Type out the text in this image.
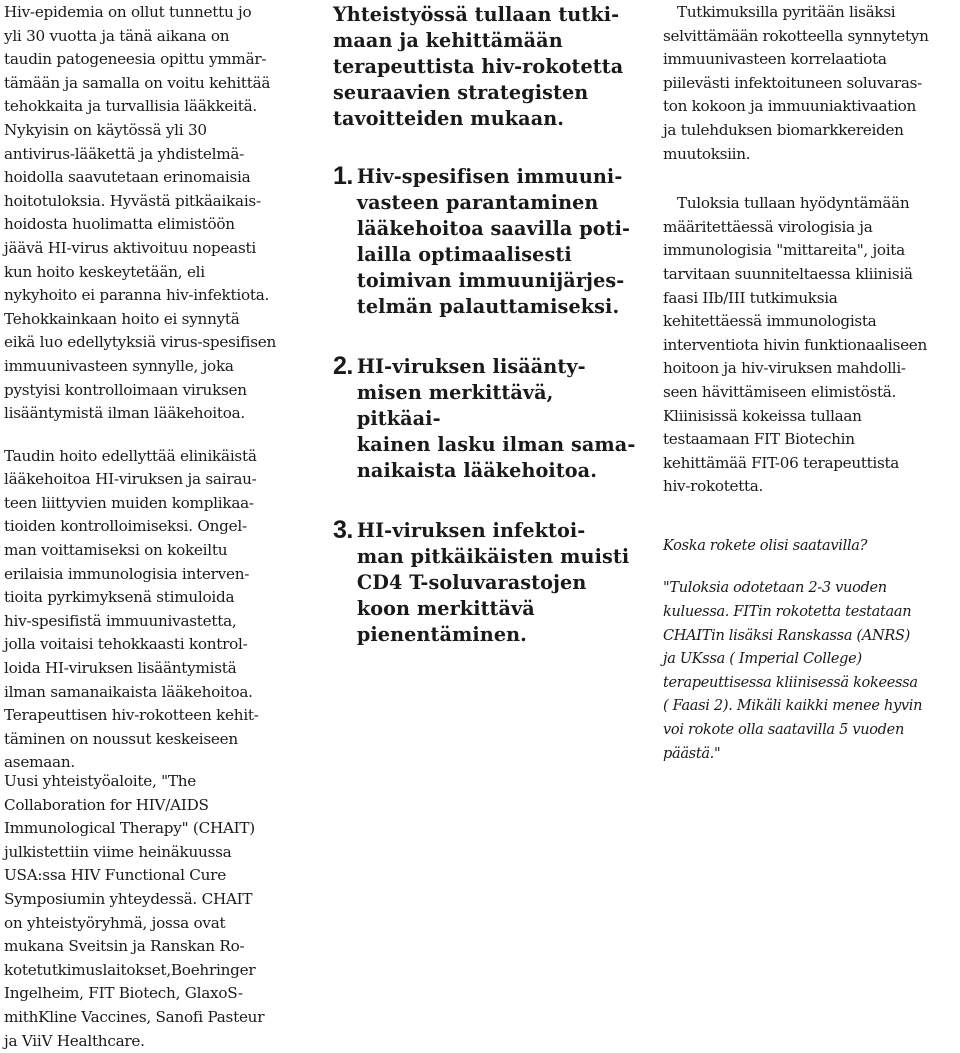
Hiv-epidemia on ollut tunnettu jo
yli 30 vuotta ja tänä aikana on
taudin patogeneesia opittu ymmär-
tämään ja samalla on voitu kehittää
tehokkaita ja turvallisia lääkkeitä.
Nykyisin on käytössä yli 30
antivirus-lääkettä ja yhdistelmä-
hoidolla saavutetaan erinomaisia
hoitotuloksia. Hyvästä pitkäaikais-
hoidosta huolimatta elimistöön
jäävä HI-virus aktivoituu nopeasti
kun hoito keskeytetään, eli
nykyhoito ei paranna hiv-infektiota.
Tehokkainkaan hoito ei synnytä
eikä luo edellytyksiä virus-spesifisen
immuunivasteen synnylle, joka
pystyisi kontrolloimaan viruksen
lisääntymistä ilman lääkehoitoa.

Taudin hoito edellyttää elinikäistä
lääkehoitoa HI-viruksen ja sairau-
teen liittyvien muiden komplikaa-
tioiden kontrolloimiseksi. Ongel-
man voittamiseksi on kokeiltu
erilaisia immunologisia interven-
tioita pyrkimyksenä stimuloida
hiv-spesifistä immuunivastetta,
jolla voitaisi tehokkaasti kontrol-
loida HI-viruksen lisääntymistä
ilman samanaikaista lääkehoitoa.
Terapeuttisen hiv-rokotteen kehit-
täminen on noussut keskeiseen
asemaan.

Uusi yhteistyöaloite, "The
Collaboration for HIV/AIDS
Immunological Therapy" (CHAIT)
julkistettiin viime heinäkuussa
USA:ssa HIV Functional Cure
Symposiumin yhteydessä. CHAIT
on yhteistyöryhmä, jossa ovat
mukana Sveitsin ja Ranskan Ro-
kotetutkimuslaitokset,Boehringer
Ingelheim, FIT Biotech, GlaxoS-
mithKline Vaccines, Sanofi Pasteur
ja ViiV Healthcare.

Yhteistyössä tullaan tutki-
maan ja kehittämään
terapeuttista hiv-rokotetta
seuraavien strategisten
tavoitteiden mukaan.

1. Hiv-spesifisen immuuni-
vasteen parantaminen
lääkehoitoa saavilla poti-
lailla optimaalisesti
toimivan immuunijärjes-
telmän palauttamiseksi.

2. HI-viruksen lisäänty-
misen merkittävä, pitkäai-
kainen lasku ilman sama-
naikaista lääkehoitoa.

3. HI-viruksen infektoi-
man pitkäikäisten muisti
CD4 T-soluvarastojen
koon merkittävä
pienentäminen.

Tutkimuksilla pyritään lisäksi
selvittämään rokotteella synnytetyn
immuunivasteen korrelaatiota
piilevästi infektoituneen soluvaras-
ton kokoon ja immuuniaktivaation
ja tulehduksen biomarkkereiden
muutoksiin.

Tuloksia tullaan hyödyntämään
määritettäessä virologisia ja
immunologisia "mittareita", joita
tarvitaan suunniteltaessa kliinisiä
faasi IIb/III tutkimuksia
kehitettäessä immunologista
interventiota hivin funktionaaliseen
hoitoon ja hiv-viruksen mahdolli-
seen hävittämiseen elimistöstä.
Kliinisissä kokeissa tullaan
testaamaan FIT Biotechin
kehittämää FIT-06 terapeuttista
hiv-rokotetta.

Koska rokete olisi saatavilla?

"Tuloksia odotetaan 2-3 vuoden
kuluessa. FITin rokotetta testataan
CHAITin lisäksi Ranskassa (ANRS)
ja UKssa ( Imperial College)
terapeuttisessa kliinisessä kokeessa
( Faasi 2). Mikäli kaikki menee hyvin
voi rokote olla saatavilla 5 vuoden
päästä."
